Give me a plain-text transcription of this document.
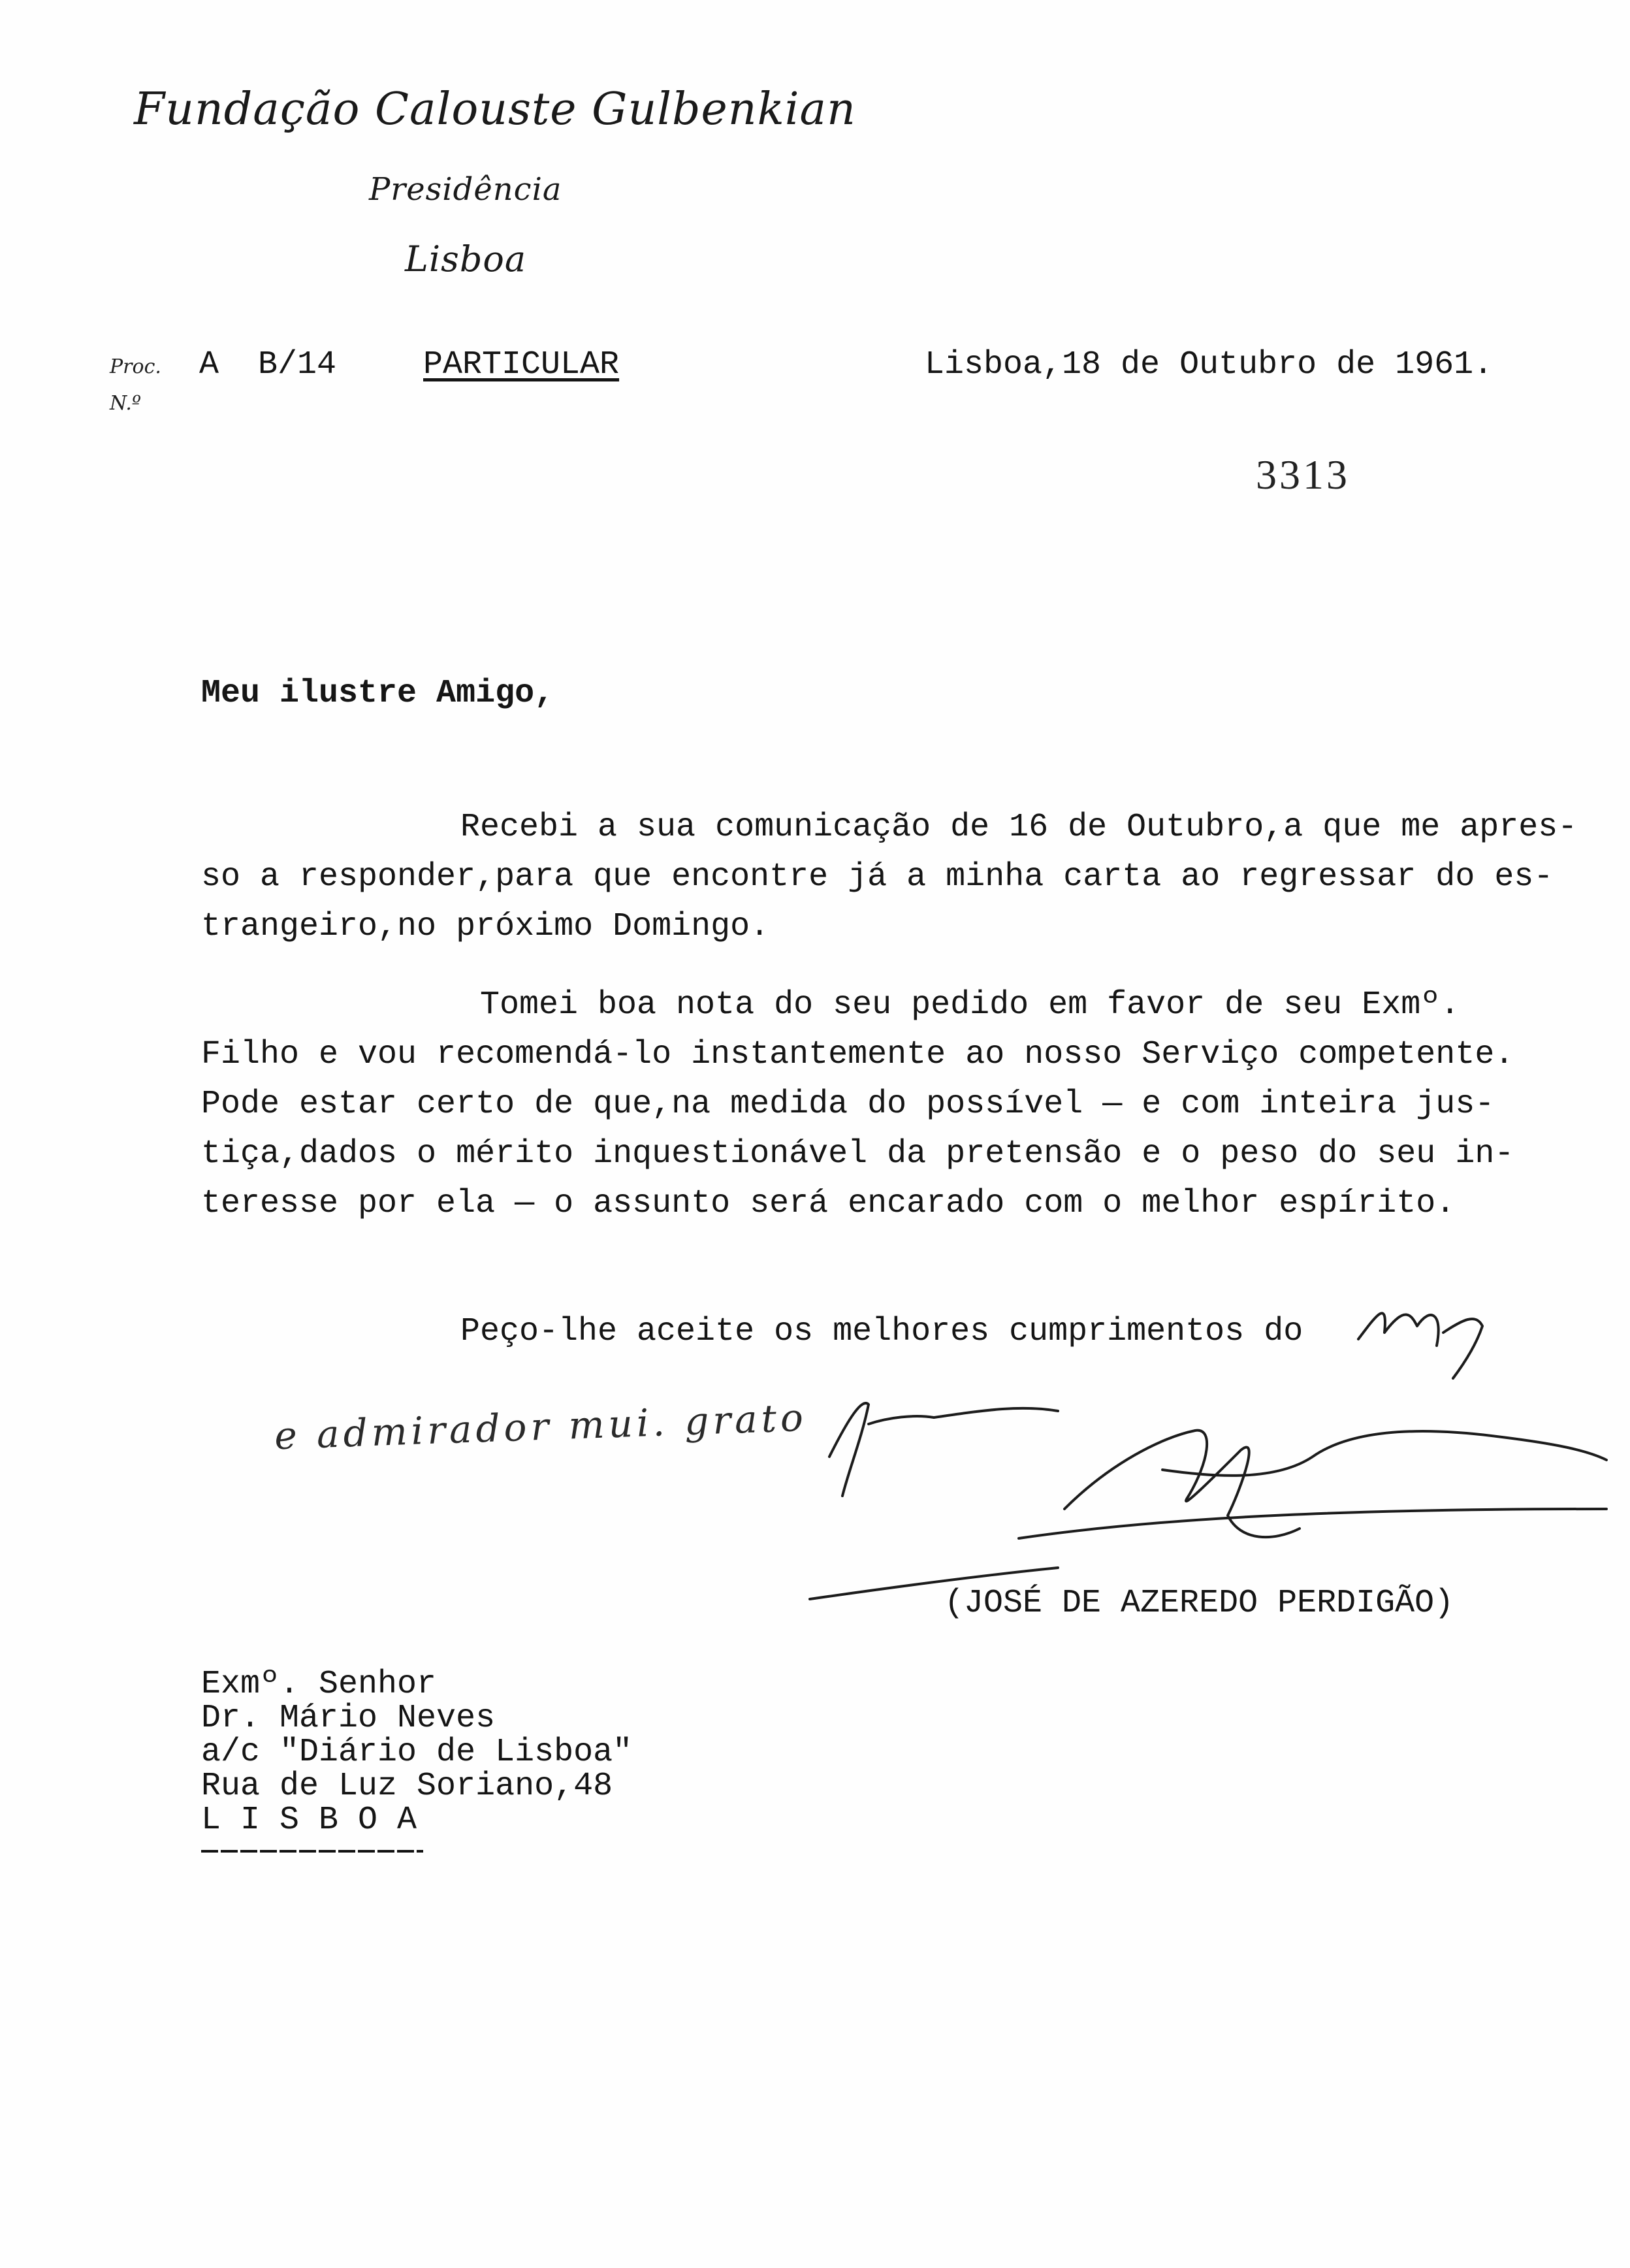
Fundação Calouste Gulbenkian
Presidência
Lisboa
Proc.
N.º
A  B/14	PARTICULAR	Lisboa,18 de Outubro de 1961.
3313
Meu ilustre Amigo,
Recebi a sua comunicação de 16 de Outubro,a que me apres-
so a responder,para que encontre já a minha carta ao regressar do es-
trangeiro,no próximo Domingo.
Tomei boa nota do seu pedido em favor de seu Exmº.
Filho e vou recomendá-lo instantemente ao nosso Serviço competente.
Pode estar certo de que,na medida do possível — e com inteira jus-
tiça,dados o mérito inquestionável da pretensão e o peso do seu in-
teresse por ela — o assunto será encarado com o melhor espírito.
Peço-lhe aceite os melhores cumprimentos do
e admirador mui. grato
(JOSÉ DE AZEREDO PERDIGÃO)
Exmº. Senhor
Dr. Mário Neves
a/c "Diário de Lisboa"
Rua de Luz Soriano,48
L I S B O A
